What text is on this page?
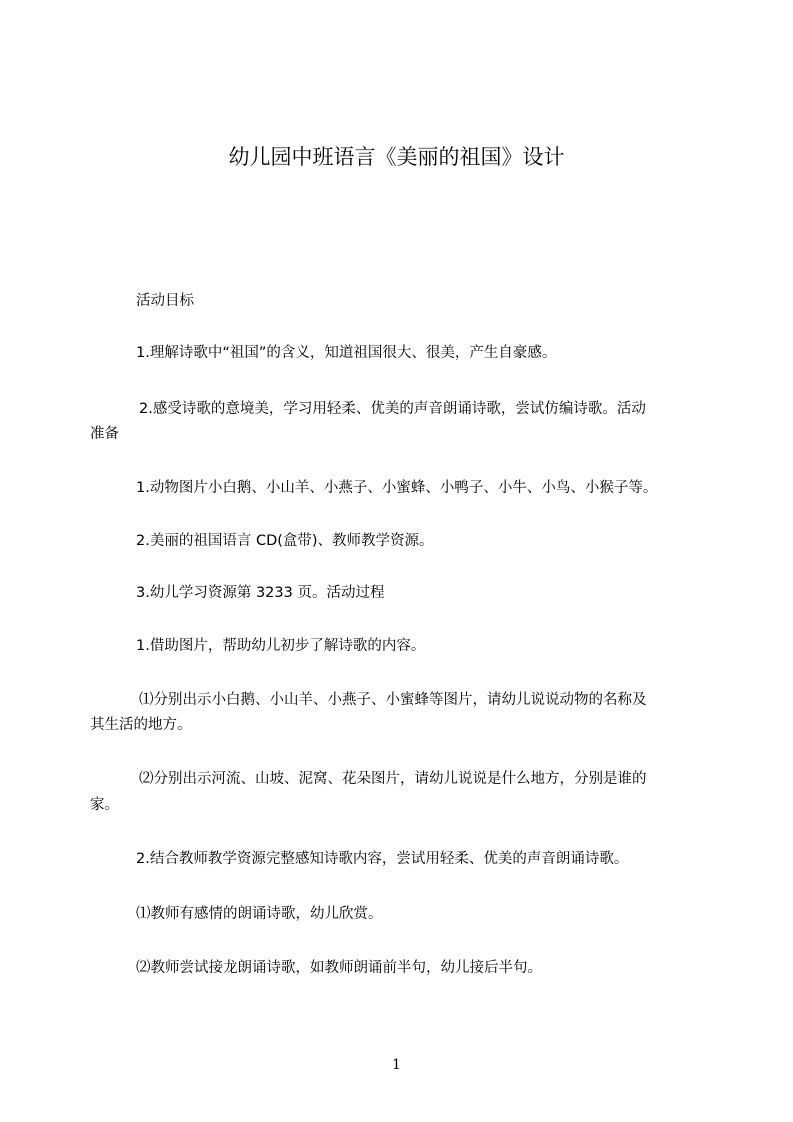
幼儿园中班语言《美丽的祖国》设计
活动目标
1.理解诗歌中“祖国”的含义，知道祖国很大、很美，产生自豪感。
2.感受诗歌的意境美，学习用轻柔、优美的声音朗诵诗歌，尝试仿编诗歌。活动
准备
1.动物图片小白鹅、小山羊、小燕子、小蜜蜂、小鸭子、小牛、小鸟、小猴子等。
2.美丽的祖国语言 CD(盒带)、教师教学资源。
3.幼儿学习资源第 3233 页。活动过程
1.借助图片，帮助幼儿初步了解诗歌的内容。
⑴分别出示小白鹅、小山羊、小燕子、小蜜蜂等图片，请幼儿说说动物的名称及
其生活的地方。
⑵分别出示河流、山坡、泥窝、花朵图片，请幼儿说说是什么地方，分别是谁的
家。
2.结合教师教学资源完整感知诗歌内容，尝试用轻柔、优美的声音朗诵诗歌。
⑴教师有感情的朗诵诗歌，幼儿欣赏。
⑵教师尝试接龙朗诵诗歌，如教师朗诵前半句，幼儿接后半句。
1
